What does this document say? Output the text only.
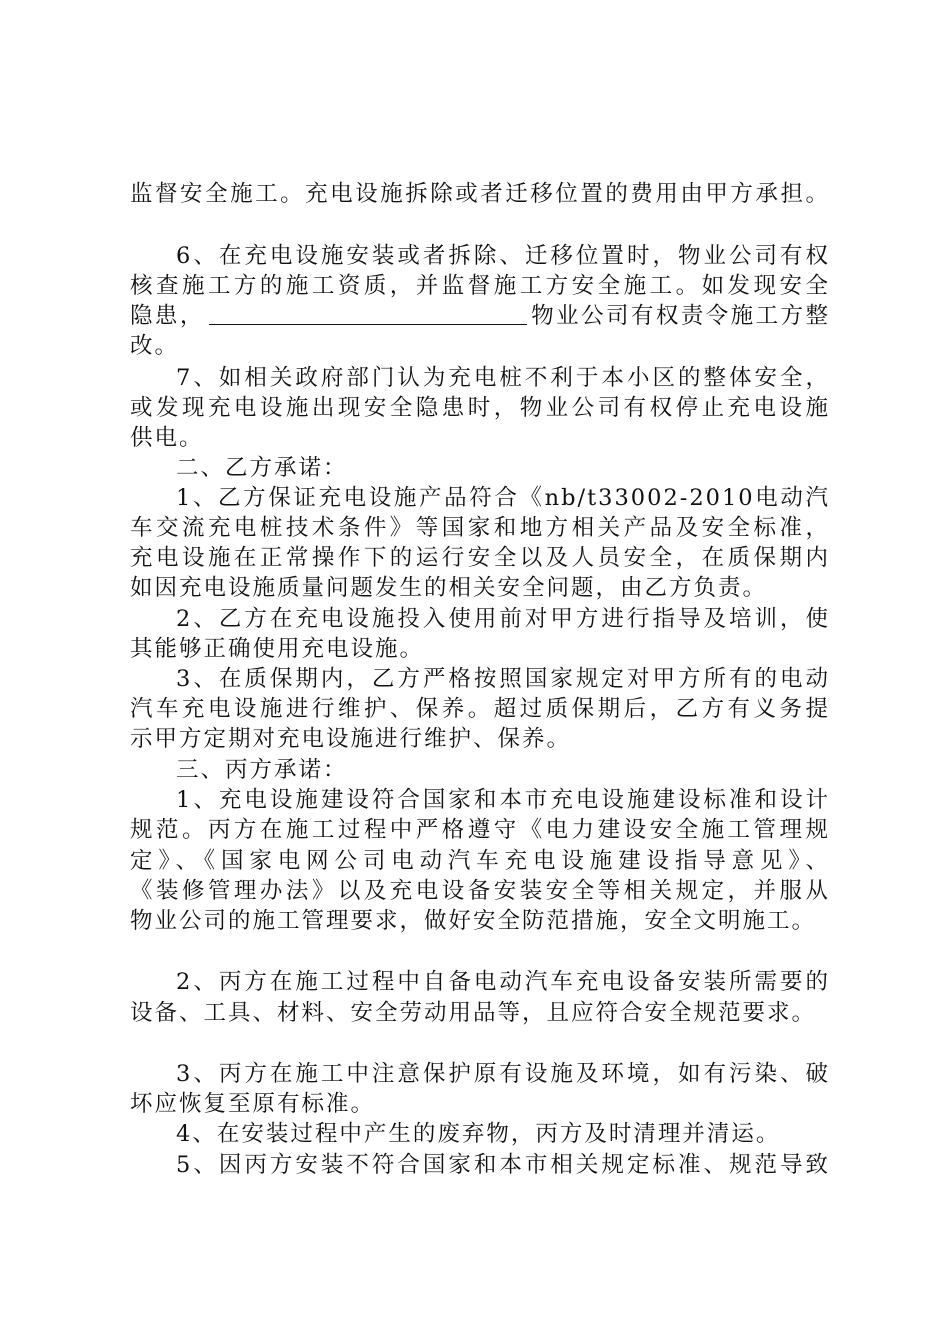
监督安全施工。充电设施拆除或者迁移位置的费用由甲方承担。
6、在充电设施安装或者拆除、迁移位置时，物业公司有权
核查施工方的施工资质，并监督施工方安全施工。如发现安全
隐患，	物业公司有权责令施工方整
改。
7、如相关政府部门认为充电桩不利于本小区的整体安全，
或发现充电设施出现安全隐患时，物业公司有权停止充电设施
供电。
二、乙方承诺：
1、乙方保证充电设施产品符合《nb/t33002-2010电动汽
车交流充电桩技术条件》等国家和地方相关产品及安全标准，
充电设施在正常操作下的运行安全以及人员安全，在质保期内
如因充电设施质量问题发生的相关安全问题，由乙方负责。
2、乙方在充电设施投入使用前对甲方进行指导及培训，使
其能够正确使用充电设施。
3、在质保期内，乙方严格按照国家规定对甲方所有的电动
汽车充电设施进行维护、保养。超过质保期后，乙方有义务提
示甲方定期对充电设施进行维护、保养。
三、丙方承诺：
1、充电设施建设符合国家和本市充电设施建设标准和设计
规范。丙方在施工过程中严格遵守《电力建设安全施工管理规
定》、《国家电网公司电动汽车充电设施建设指导意见》、
《装修管理办法》以及充电设备安装安全等相关规定，并服从
物业公司的施工管理要求，做好安全防范措施，安全文明施工。
2、丙方在施工过程中自备电动汽车充电设备安装所需要的
设备、工具、材料、安全劳动用品等，且应符合安全规范要求。
3、丙方在施工中注意保护原有设施及环境，如有污染、破
坏应恢复至原有标准。
4、在安装过程中产生的废弃物，丙方及时清理并清运。
5、因丙方安装不符合国家和本市相关规定标准、规范导致
